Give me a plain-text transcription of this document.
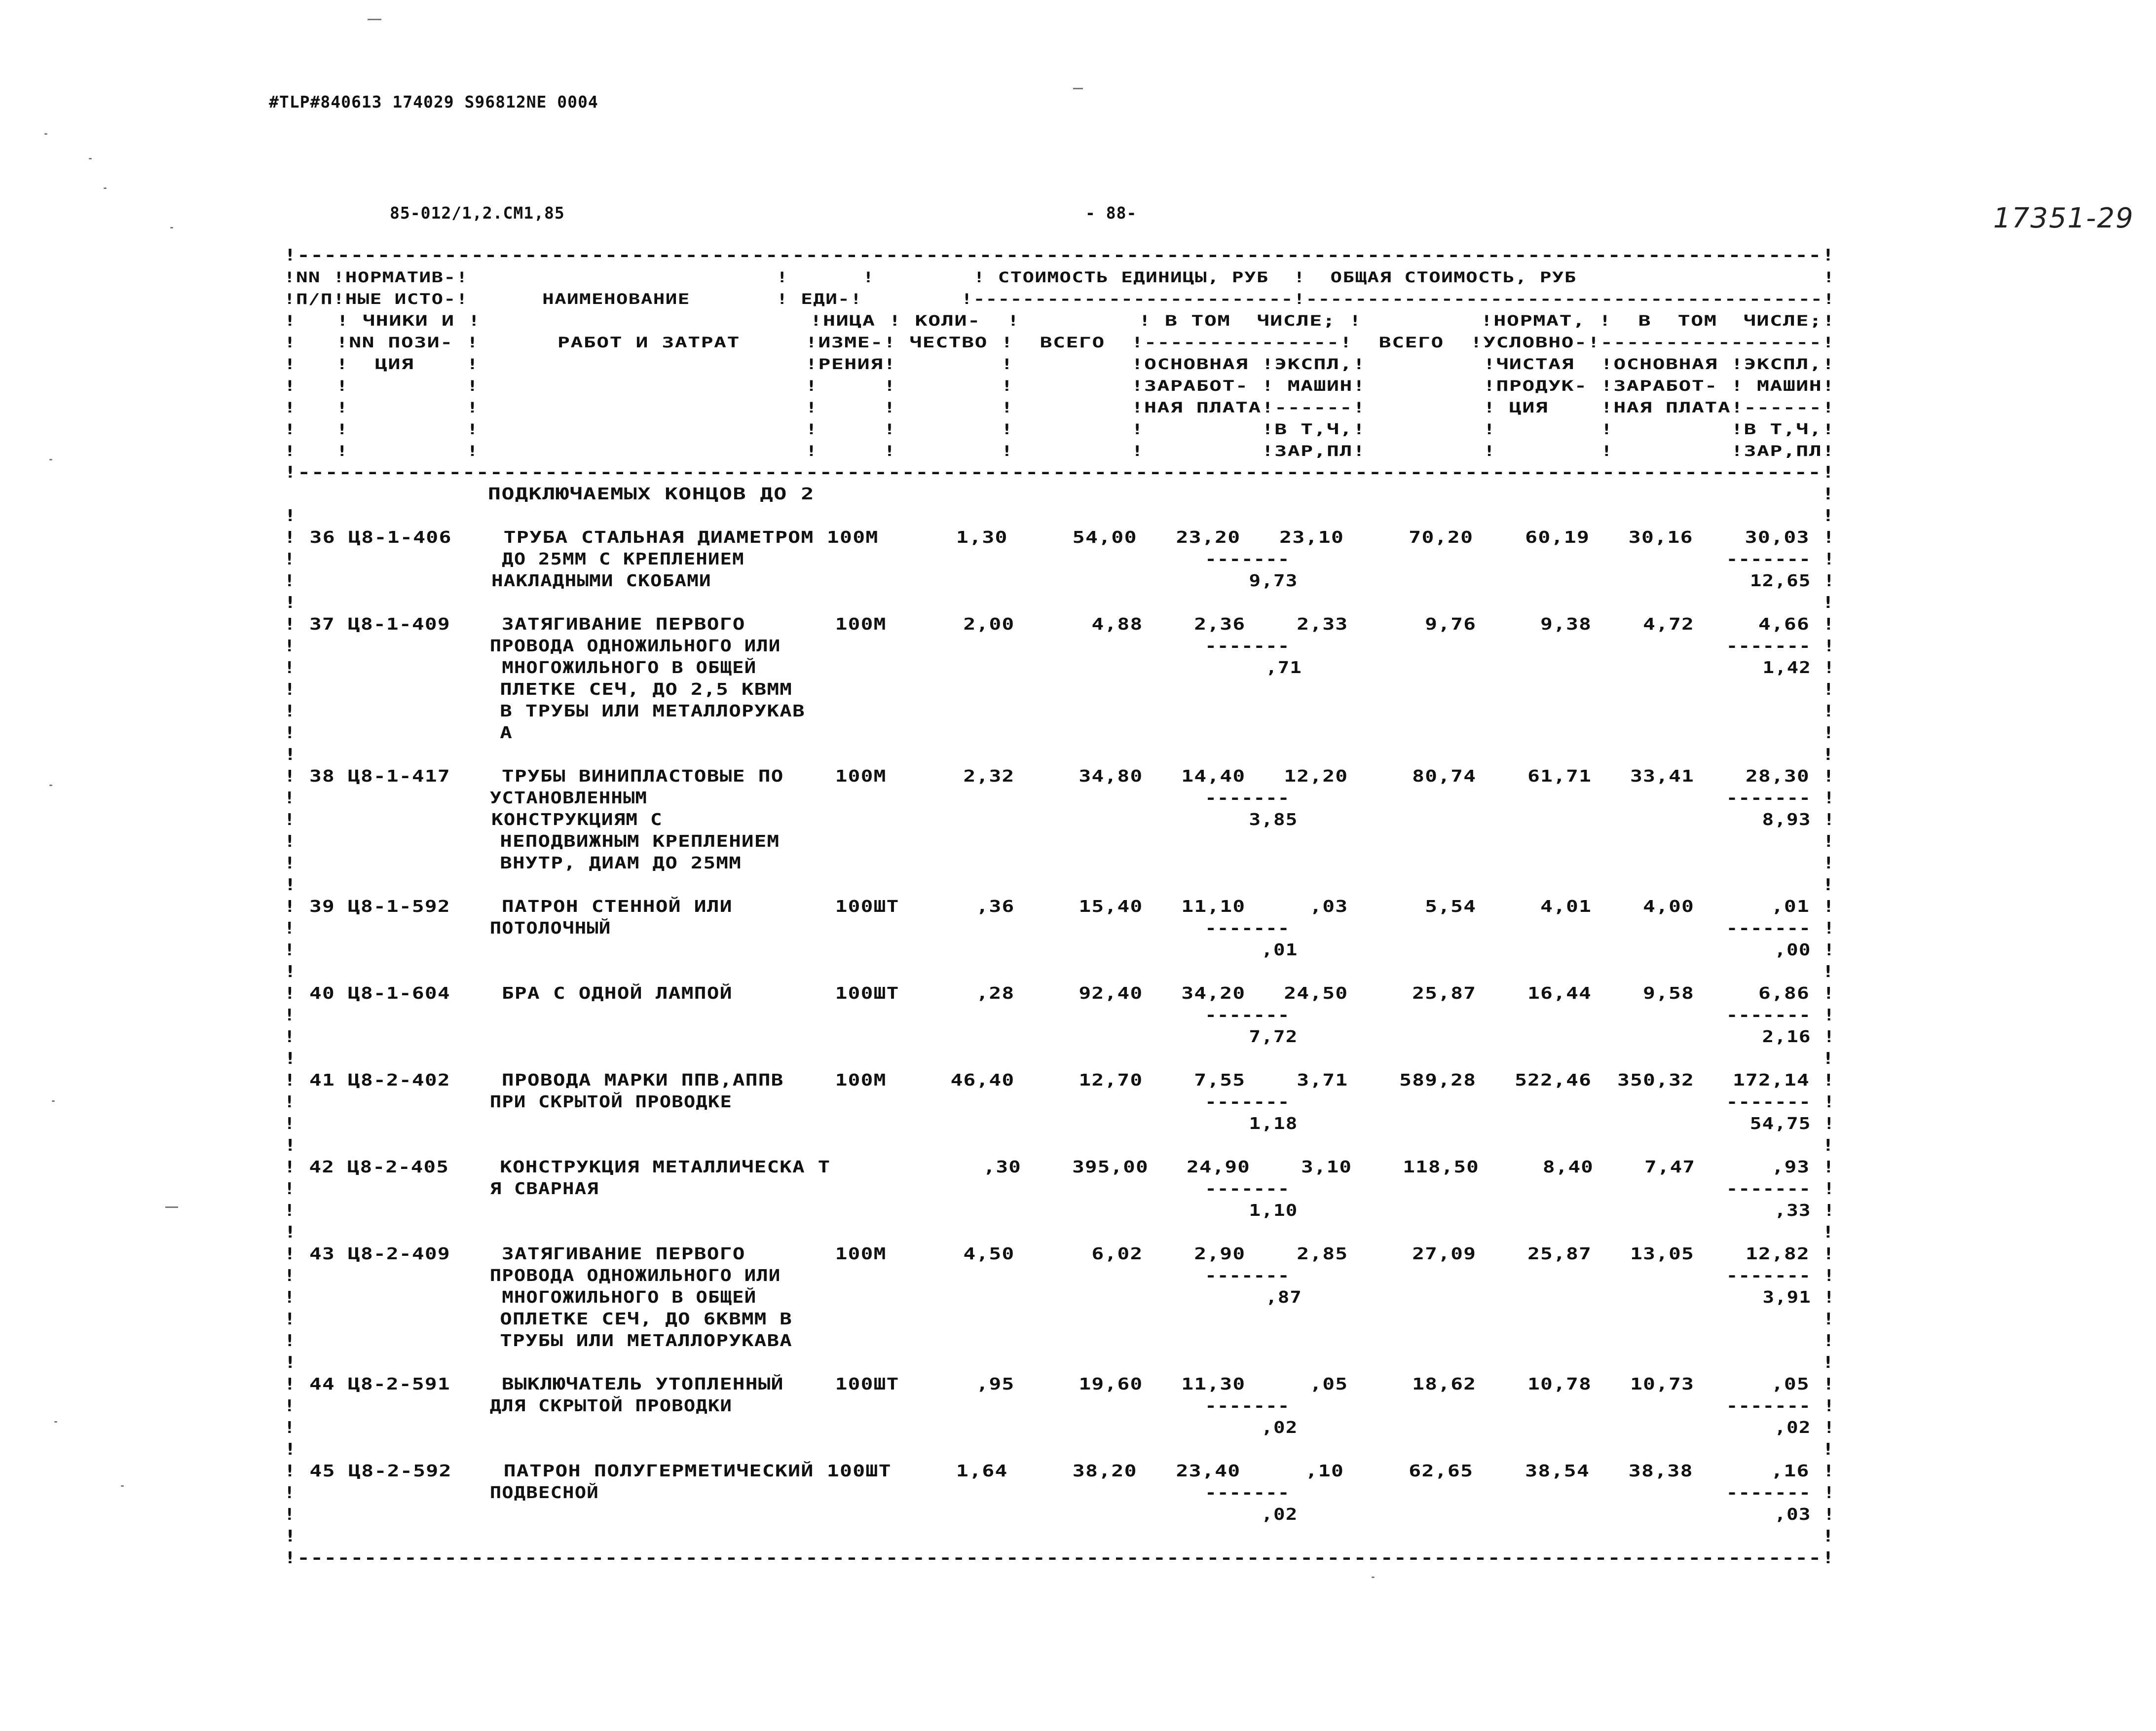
#TLP#840613 174029 S96812NE 0004
85-012/1,2.СМ1,85	- 88-	17351-29
!------------------------------------------------------------------------------------------------------------------!
!NN !НОРМАТИВ-!                         !      !        ! СТОИМОСТЬ ЕДИНИЦЫ, РУБ  !  ОБЩАЯ СТОИМОСТЬ, РУБ                    !
!П/П!НЫЕ ИСТО-!      НАИМЕНОВАНИЕ       ! ЕДИ-!        !--------------------------!------------------------------------------!
!   ! ЧНИКИ И !                         !НИЦА ! КОЛИ-  !         ! В ТОМ  ЧИСЛЕ; !         !НОРМАТ, !  В  ТОМ  ЧИСЛЕ;!
!   !NN ПОЗИ- !      РАБОТ И ЗАТРАТ     !ИЗМЕ-! ЧЕСТВО !  ВСЕГО  !---------------!  ВСЕГО  !УСЛОВНО-!-----------------!
!   !  ЦИЯ    !                         !РЕНИЯ!        !         !ОСНОВНАЯ !ЭКСПЛ,!         !ЧИСТАЯ  !ОСНОВНАЯ !ЭКСПЛ,!
!   !         !                         !     !        !         !ЗАРАБОТ- ! МАШИН!         !ПРОДУК- !ЗАРАБОТ- ! МАШИН!
!   !         !                         !     !        !         !НАЯ ПЛАТА!------!         ! ЦИЯ    !НАЯ ПЛАТА!------!
!   !         !                         !     !        !         !         !В Т,Ч,!         !        !         !В Т,Ч,!
!   !         !                         !     !        !         !         !ЗАР,ПЛ!         !        !         !ЗАР,ПЛ!
!---------------------------------------------------------------------------------------------------------------!
ПОДКЛЮЧАЕМЫХ КОНЦОВ ДО 2                                                                          !
!                                                                                                                !
! 36 Ц8-1-406    ТРУБА СТАЛЬНАЯ ДИАМЕТРОМ 100М      1,30     54,00   23,20   23,10     70,20    60,19   30,16    30,03 !
!                 ДО 25ММ С КРЕПЛЕНИЕМ                                      -------                                    ------- !
!                НАКЛАДНЫМИ СКОБАМИ                                            9,73                                     12,65 !
!                                                                                                                !
! 37 Ц8-1-409    ЗАТЯГИВАНИЕ ПЕРВОГО       100М      2,00      4,88    2,36    2,33      9,76     9,38    4,72     4,66 !
!                ПРОВОДА ОДНОЖИЛЬНОГО ИЛИ                                   -------                                    ------- !
!                 МНОГОЖИЛЬНОГО В ОБЩЕЙ                                          ,71                                      1,42 !
!                ПЛЕТКЕ СЕЧ, ДО 2,5 КВММ                                                                                 !
!                В ТРУБЫ ИЛИ МЕТАЛЛОРУКАВ                                                                                !
!                А                                                                                                       !
!                                                                                                                !
! 38 Ц8-1-417    ТРУБЫ ВИНИПЛАСТОВЫЕ ПО    100М      2,32     34,80   14,40   12,20     80,74    61,71   33,41    28,30 !
!                УСТАНОВЛЕННЫМ                                              -------                                    ------- !
!                КОНСТРУКЦИЯМ С                                                3,85                                      8,93 !
!                НЕПОДВИЖНЫМ КРЕПЛЕНИЕМ                                                                                  !
!                ВНУТР, ДИАМ ДО 25ММ                                                                                     !
!                                                                                                                !
! 39 Ц8-1-592    ПАТРОН СТЕННОЙ ИЛИ        100ШТ      ,36     15,40   11,10     ,03      5,54     4,01    4,00      ,01 !
!                ПОТОЛОЧНЫЙ                                                 -------                                    ------- !
!                                                                               ,01                                       ,00 !
!                                                                                                                !
! 40 Ц8-1-604    БРА С ОДНОЙ ЛАМПОЙ        100ШТ      ,28     92,40   34,20   24,50     25,87    16,44    9,58     6,86 !
!                                                                           -------                                    ------- !
!                                                                              7,72                                      2,16 !
!                                                                                                                !
! 41 Ц8-2-402    ПРОВОДА МАРКИ ППВ,АППВ    100М     46,40     12,70    7,55    3,71    589,28   522,46  350,32   172,14 !
!                ПРИ СКРЫТОЙ ПРОВОДКЕ                                       -------                                    ------- !
!                                                                              1,18                                     54,75 !
!                                                                                                                !
! 42 Ц8-2-405    КОНСТРУКЦИЯ МЕТАЛЛИЧЕСКА Т            ,30    395,00   24,90    3,10    118,50     8,40    7,47      ,93 !
!                Я СВАРНАЯ                                                  -------                                    ------- !
!                                                                              1,10                                       ,33 !
!                                                                                                                !
! 43 Ц8-2-409    ЗАТЯГИВАНИЕ ПЕРВОГО       100М      4,50      6,02    2,90    2,85     27,09    25,87   13,05    12,82 !
!                ПРОВОДА ОДНОЖИЛЬНОГО ИЛИ                                   -------                                    ------- !
!                 МНОГОЖИЛЬНОГО В ОБЩЕЙ                                          ,87                                      3,91 !
!                ОПЛЕТКЕ СЕЧ, ДО 6КВММ В                                                                                 !
!                ТРУБЫ ИЛИ МЕТАЛЛОРУКАВА                                                                                 !
!                                                                                                                !
! 44 Ц8-2-591    ВЫКЛЮЧАТЕЛЬ УТОПЛЕННЫЙ    100ШТ      ,95     19,60   11,30     ,05     18,62    10,78   10,73      ,05 !
!                ДЛЯ СКРЫТОЙ ПРОВОДКИ                                       -------                                    ------- !
!                                                                               ,02                                       ,02 !
!                                                                                                                !
! 45 Ц8-2-592    ПАТРОН ПОЛУГЕРМЕТИЧЕСКИЙ 100ШТ     1,64     38,20   23,40     ,10     62,65    38,54   38,38      ,16 !
!                ПОДВЕСНОЙ                                                  -------                                    ------- !
!                                                                               ,02                                       ,03 !
!                                                                                                                !
!------------------------------------------------------------------------------------------------------------------!
